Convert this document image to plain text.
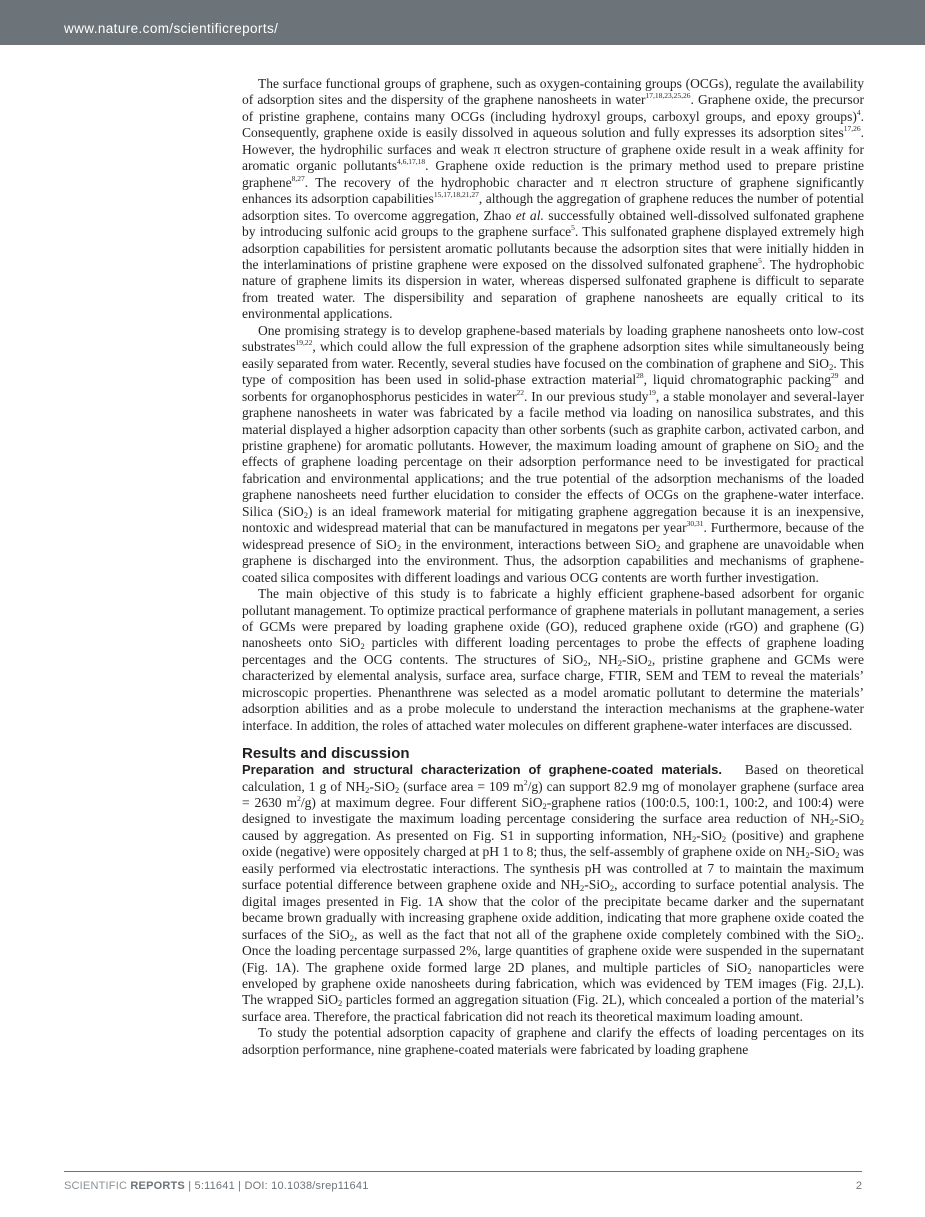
www.nature.com/scientificreports/

The surface functional groups of graphene, such as oxygen-containing groups (OCGs), regulate the availability of adsorption sites and the dispersity of the graphene nanosheets in water$^{17,18,23,25,26}$. Graphene oxide, the precursor of pristine graphene, contains many OCGs (including hydroxyl groups, carboxyl groups, and epoxy groups)$^4$. Consequently, graphene oxide is easily dissolved in aqueous solution and fully expresses its adsorption sites$^{17,26}$. However, the hydrophilic surfaces and weak π electron structure of graphene oxide result in a weak affinity for aromatic organic pollutants$^{4,6,17,18}$. Graphene oxide reduction is the primary method used to prepare pristine graphene$^{8,27}$. The recovery of the hydrophobic character and π electron structure of graphene significantly enhances its adsorption capabilities$^{15,17,18,21,27}$, although the aggregation of graphene reduces the number of potential adsorption sites. To overcome aggregation, Zhao et al. successfully obtained well-dissolved sulfonated graphene by introducing sulfonic acid groups to the graphene surface$^5$. This sulfonated graphene displayed extremely high adsorption capabilities for persistent aromatic pollutants because the adsorption sites that were initially hidden in the interlaminations of pristine graphene were exposed on the dissolved sulfonated graphene$^5$. The hydrophobic nature of graphene limits its dispersion in water, whereas dispersed sulfonated graphene is difficult to separate from treated water. The dispersibility and separation of graphene nanosheets are equally critical to its environmental applications.

One promising strategy is to develop graphene-based materials by loading graphene nanosheets onto low-cost substrates$^{19,22}$, which could allow the full expression of the graphene adsorption sites while simultaneously being easily separated from water. Recently, several studies have focused on the combination of graphene and SiO$_2$. This type of composition has been used in solid-phase extraction material$^{28}$, liquid chromatographic packing$^{29}$ and sorbents for organophosphorus pesticides in water$^{22}$. In our previous study$^{19}$, a stable monolayer and several-layer graphene nanosheets in water was fabricated by a facile method via loading on nanosilica substrates, and this material displayed a higher adsorption capacity than other sorbents (such as graphite carbon, activated carbon, and pristine graphene) for aromatic pollutants. However, the maximum loading amount of graphene on SiO$_2$ and the effects of graphene loading percentage on their adsorption performance need to be investigated for practical fabrication and environmental applications; and the true potential of the adsorption mechanisms of the loaded graphene nanosheets need further elucidation to consider the effects of OCGs on the graphene-water interface. Silica (SiO$_2$) is an ideal framework material for mitigating graphene aggregation because it is an inexpensive, nontoxic and widespread material that can be manufactured in megatons per year$^{30,31}$. Furthermore, because of the widespread presence of SiO$_2$ in the environment, interactions between SiO$_2$ and graphene are unavoidable when graphene is discharged into the environment. Thus, the adsorption capabilities and mechanisms of graphene-coated silica composites with different loadings and various OCG contents are worth further investigation.

The main objective of this study is to fabricate a highly efficient graphene-based adsorbent for organic pollutant management. To optimize practical performance of graphene materials in pollutant management, a series of GCMs were prepared by loading graphene oxide (GO), reduced graphene oxide (rGO) and graphene (G) nanosheets onto SiO$_2$ particles with different loading percentages to probe the effects of graphene loading percentages and the OCG contents. The structures of SiO$_2$, $NH_2-SiO_2$, pristine graphene and GCMs were characterized by elemental analysis, surface area, surface charge, FTIR, SEM and TEM to reveal the materials’ microscopic properties. Phenanthrene was selected as a model aromatic pollutant to determine the materials’ adsorption abilities and as a probe molecule to understand the interaction mechanisms at the graphene-water interface. In addition, the roles of attached water molecules on different graphene-water interfaces are discussed.

Results and discussion

Preparation and structural characterization of graphene-coated materials. Based on theoretical calculation, 1 g of $NH_2-SiO_2$ (surface area = 109 $m^2/g$) can support 82.9 mg of monolayer graphene (surface area = 2630 $m^2/g$) at maximum degree. Four different SiO$_2$-graphene ratios (100:0.5, 100:1, 100:2, and 100:4) were designed to investigate the maximum loading percentage considering the surface area reduction of $NH_2-SiO_2$ caused by aggregation. As presented on Fig. S1 in supporting information, $NH_2-SiO_2$ (positive) and graphene oxide (negative) were oppositely charged at pH 1 to 8; thus, the self-assembly of graphene oxide on $NH_2-SiO_2$ was easily performed via electrostatic interactions. The synthesis pH was controlled at 7 to maintain the maximum surface potential difference between graphene oxide and $NH_2-SiO_2$, according to surface potential analysis. The digital images presented in Fig. 1A show that the color of the precipitate became darker and the supernatant became brown gradually with increasing graphene oxide addition, indicating that more graphene oxide coated the surfaces of the SiO$_2$, as well as the fact that not all of the graphene oxide completely combined with the SiO$_2$. Once the loading percentage surpassed 2%, large quantities of graphene oxide were suspended in the supernatant (Fig. 1A). The graphene oxide formed large 2D planes, and multiple particles of SiO$_2$ nanoparticles were enveloped by graphene oxide nanosheets during fabrication, which was evidenced by TEM images (Fig. 2J,L). The wrapped SiO$_2$ particles formed an aggregation situation (Fig. 2L), which concealed a portion of the material’s surface area. Therefore, the practical fabrication did not reach its theoretical maximum loading amount.

To study the potential adsorption capacity of graphene and clarify the effects of loading percentages on its adsorption performance, nine graphene-coated materials were fabricated by loading graphene

SCIENTIFIC REPORTS | 5:11641 | DOI: 10.1038/srep11641	2
